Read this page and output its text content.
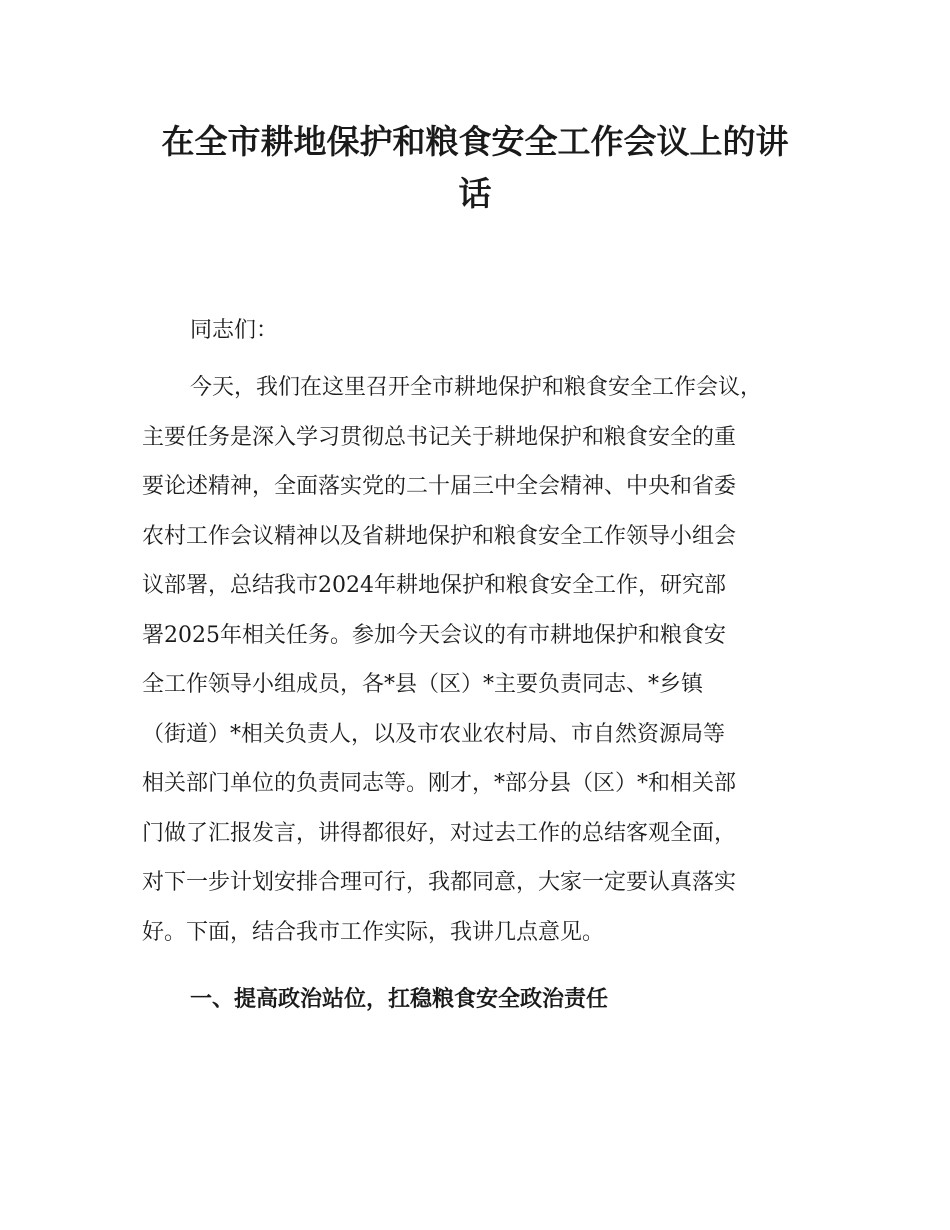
在全市耕地保护和粮食安全工作会议上的讲
话

同志们：

今天，我们在这里召开全市耕地保护和粮食安全工作会议，
主要任务是深入学习贯彻总书记关于耕地保护和粮食安全的重
要论述精神，全面落实党的二十届三中全会精神、中央和省委
农村工作会议精神以及省耕地保护和粮食安全工作领导小组会
议部署，总结我市2024年耕地保护和粮食安全工作，研究部
署2025年相关任务。参加今天会议的有市耕地保护和粮食安
全工作领导小组成员，各*县（区）*主要负责同志、*乡镇
（街道）*相关负责人，以及市农业农村局、市自然资源局等
相关部门单位的负责同志等。刚才，*部分县（区）*和相关部
门做了汇报发言，讲得都很好，对过去工作的总结客观全面，
对下一步计划安排合理可行，我都同意，大家一定要认真落实
好。下面，结合我市工作实际，我讲几点意见。

一、提高政治站位，扛稳粮食安全政治责任
